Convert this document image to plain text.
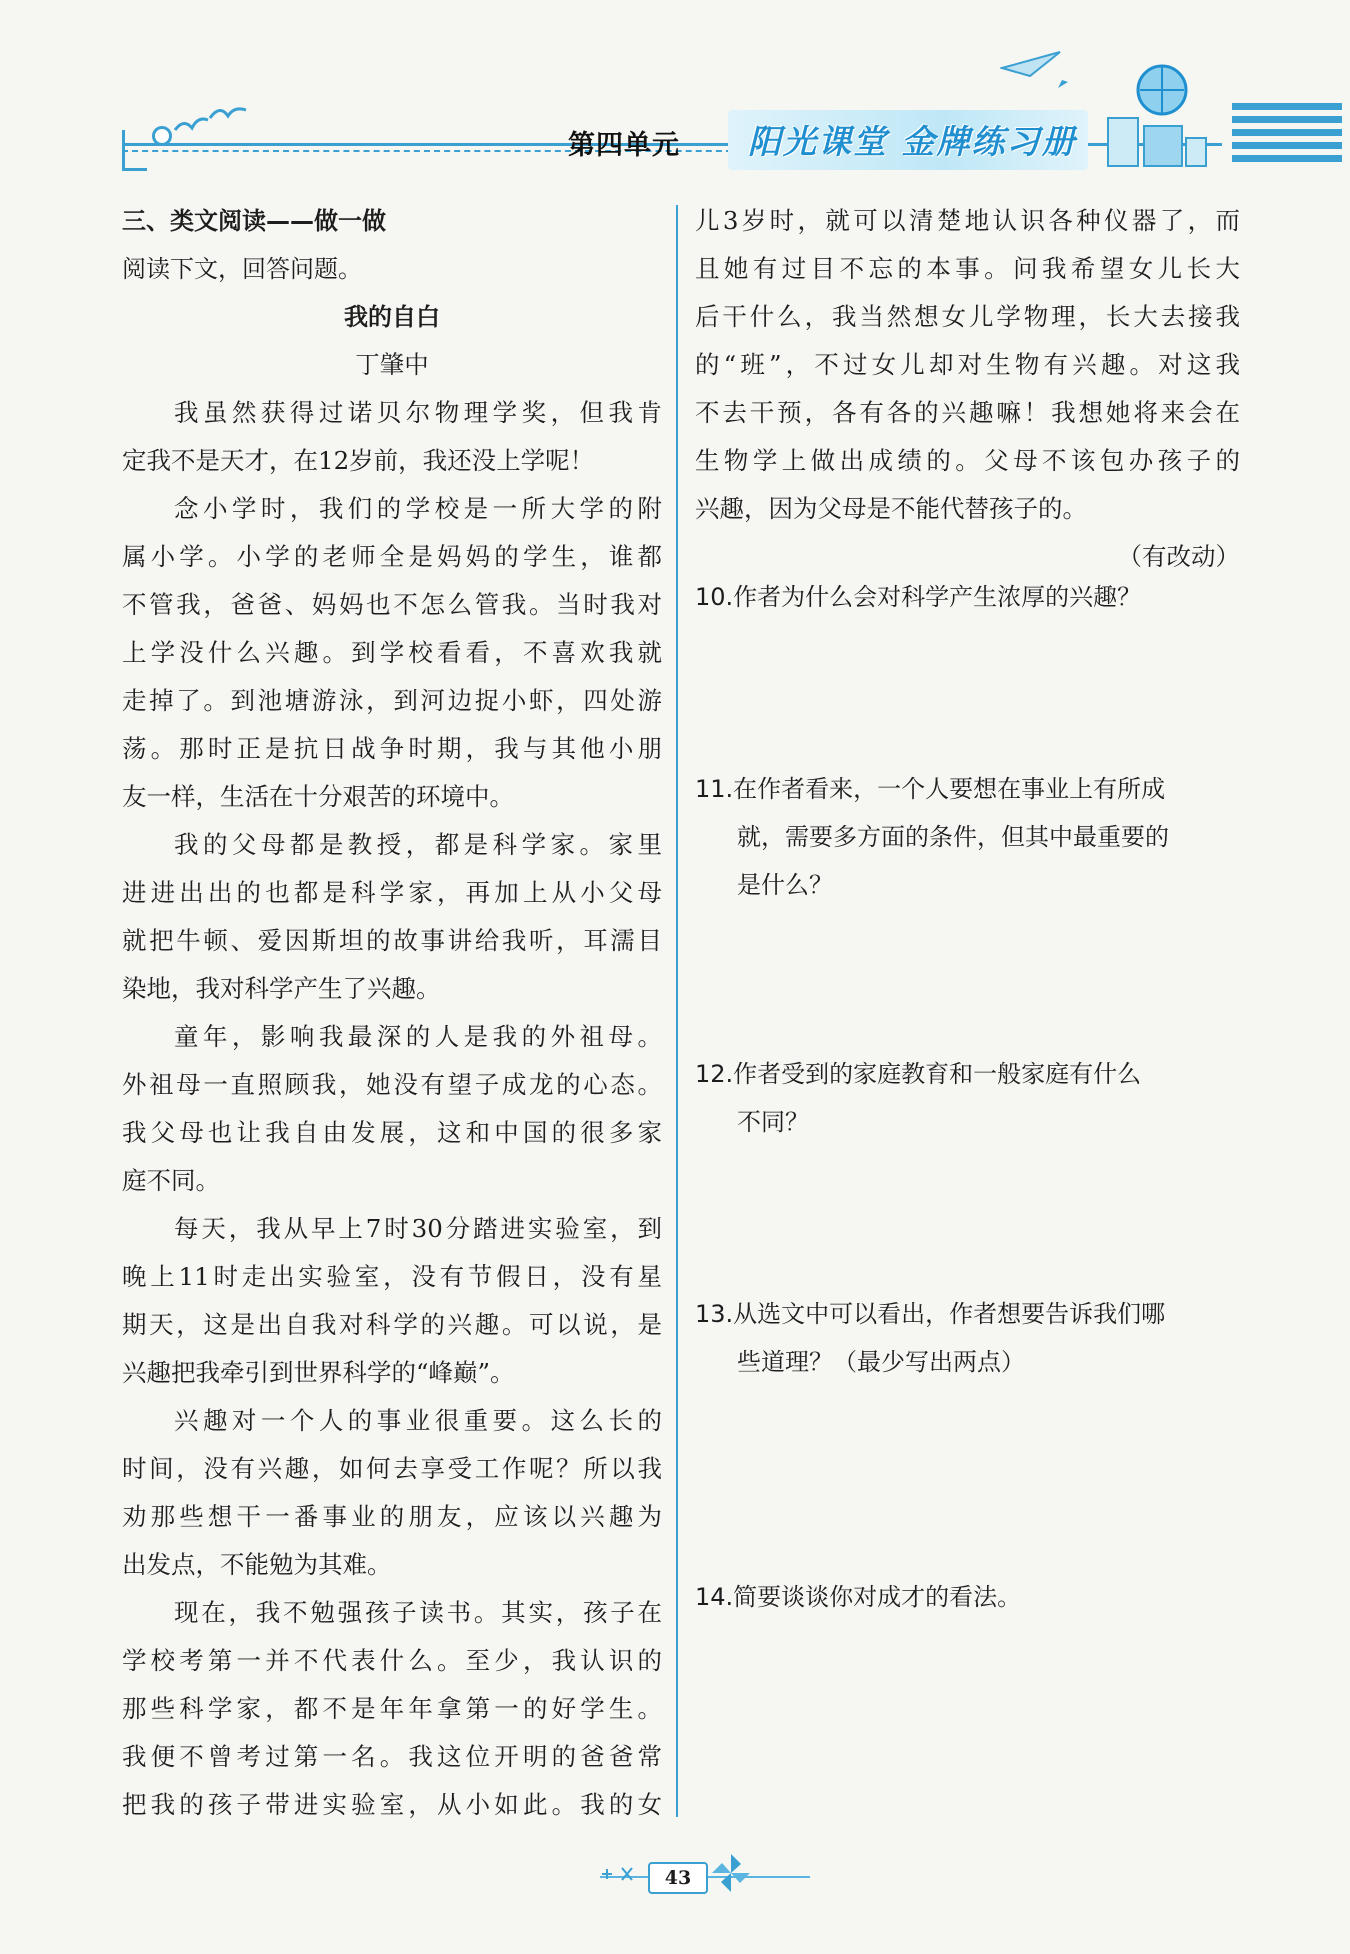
第四单元 阳光课堂 金牌练习册
三、类文阅读——做一做
阅读下文，回答问题。
我的自白
丁肇中
我虽然获得过诺贝尔物理学奖，但我肯
定我不是天才，在12岁前，我还没上学呢！
念小学时，我们的学校是一所大学的附
属小学。小学的老师全是妈妈的学生，谁都
不管我，爸爸、妈妈也不怎么管我。当时我对
上学没什么兴趣。到学校看看，不喜欢我就
走掉了。到池塘游泳，到河边捉小虾，四处游
荡。那时正是抗日战争时期，我与其他小朋
友一样，生活在十分艰苦的环境中。
我的父母都是教授，都是科学家。家里
进进出出的也都是科学家，再加上从小父母
就把牛顿、爱因斯坦的故事讲给我听，耳濡目
染地，我对科学产生了兴趣。
童年，影响我最深的人是我的外祖母。
外祖母一直照顾我，她没有望子成龙的心态。
我父母也让我自由发展，这和中国的很多家
庭不同。
每天，我从早上7时30分踏进实验室，到
晚上11时走出实验室，没有节假日，没有星
期天，这是出自我对科学的兴趣。可以说，是
兴趣把我牵引到世界科学的“峰巅”。
兴趣对一个人的事业很重要。这么长的
时间，没有兴趣，如何去享受工作呢？所以我
劝那些想干一番事业的朋友，应该以兴趣为
出发点，不能勉为其难。
现在，我不勉强孩子读书。其实，孩子在
学校考第一并不代表什么。至少，我认识的
那些科学家，都不是年年拿第一的好学生。
我便不曾考过第一名。我这位开明的爸爸常
把我的孩子带进实验室，从小如此。我的女
儿3岁时，就可以清楚地认识各种仪器了，而
且她有过目不忘的本事。问我希望女儿长大
后干什么，我当然想女儿学物理，长大去接我
的“班”，不过女儿却对生物有兴趣。对这我
不去干预，各有各的兴趣嘛！我想她将来会在
生物学上做出成绩的。父母不该包办孩子的
兴趣，因为父母是不能代替孩子的。
（有改动）
10.作者为什么会对科学产生浓厚的兴趣？
11.在作者看来，一个人要想在事业上有所成
就，需要多方面的条件，但其中最重要的
是什么？
12.作者受到的家庭教育和一般家庭有什么
不同？
13.从选文中可以看出，作者想要告诉我们哪
些道理？（最少写出两点）
14.简要谈谈你对成才的看法。
43
